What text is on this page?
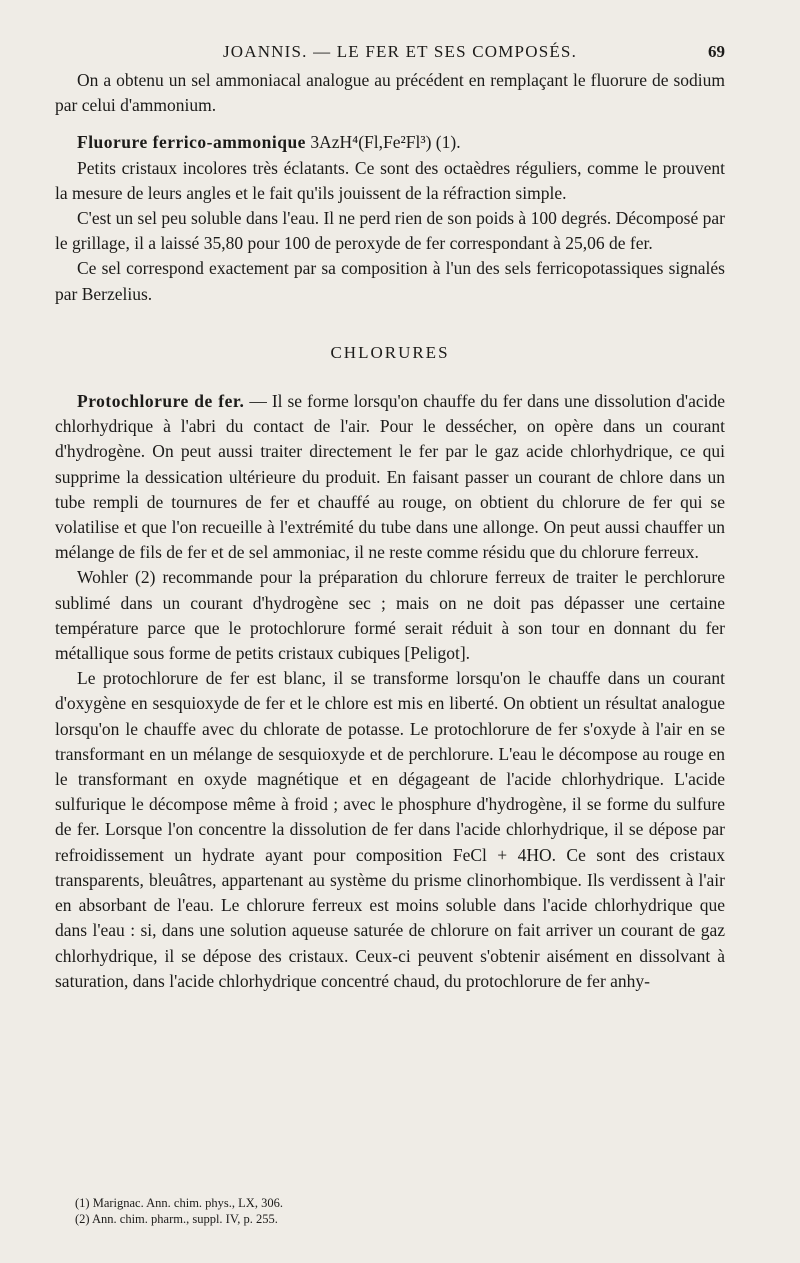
JOANNIS. — LE FER ET SES COMPOSÉS.	69

On a obtenu un sel ammoniacal analogue au précédent en remplaçant le fluorure de sodium par celui d'ammonium.

Fluorure ferrico-ammonique 3AzH⁴(Fl,Fe²Fl³) (1).

Petits cristaux incolores très éclatants. Ce sont des octaèdres réguliers, comme le prouvent la mesure de leurs angles et le fait qu'ils jouissent de la réfraction simple.

C'est un sel peu soluble dans l'eau. Il ne perd rien de son poids à 100 degrés. Décomposé par le grillage, il a laissé 35,80 pour 100 de peroxyde de fer correspondant à 25,06 de fer.

Ce sel correspond exactement par sa composition à l'un des sels ferricopotassiques signalés par Berzelius.

CHLORURES

Protochlorure de fer. — Il se forme lorsqu'on chauffe du fer dans une dissolution d'acide chlorhydrique à l'abri du contact de l'air. Pour le dessécher, on opère dans un courant d'hydrogène. On peut aussi traiter directement le fer par le gaz acide chlorhydrique, ce qui supprime la dessication ultérieure du produit. En faisant passer un courant de chlore dans un tube rempli de tournures de fer et chauffé au rouge, on obtient du chlorure de fer qui se volatilise et que l'on recueille à l'extrémité du tube dans une allonge. On peut aussi chauffer un mélange de fils de fer et de sel ammoniac, il ne reste comme résidu que du chlorure ferreux.

Wohler (2) recommande pour la préparation du chlorure ferreux de traiter le perchlorure sublimé dans un courant d'hydrogène sec ; mais on ne doit pas dépasser une certaine température parce que le protochlorure formé serait réduit à son tour en donnant du fer métallique sous forme de petits cristaux cubiques [Peligot].

Le protochlorure de fer est blanc, il se transforme lorsqu'on le chauffe dans un courant d'oxygène en sesquioxyde de fer et le chlore est mis en liberté. On obtient un résultat analogue lorsqu'on le chauffe avec du chlorate de potasse. Le protochlorure de fer s'oxyde à l'air en se transformant en un mélange de sesquioxyde et de perchlorure. L'eau le décompose au rouge en le transformant en oxyde magnétique et en dégageant de l'acide chlorhydrique. L'acide sulfurique le décompose même à froid ; avec le phosphure d'hydrogène, il se forme du sulfure de fer. Lorsque l'on concentre la dissolution de fer dans l'acide chlorhydrique, il se dépose par refroidissement un hydrate ayant pour composition FeCl + 4HO. Ce sont des cristaux transparents, bleuâtres, appartenant au système du prisme clinorhombique. Ils verdissent à l'air en absorbant de l'eau. Le chlorure ferreux est moins soluble dans l'acide chlorhydrique que dans l'eau : si, dans une solution aqueuse saturée de chlorure on fait arriver un courant de gaz chlorhydrique, il se dépose des cristaux. Ceux-ci peuvent s'obtenir aisément en dissolvant à saturation, dans l'acide chlorhydrique concentré chaud, du protochlorure de fer anhy-

(1) Marignac. Ann. chim. phys., LX, 306.

(2) Ann. chim. pharm., suppl. IV, p. 255.
